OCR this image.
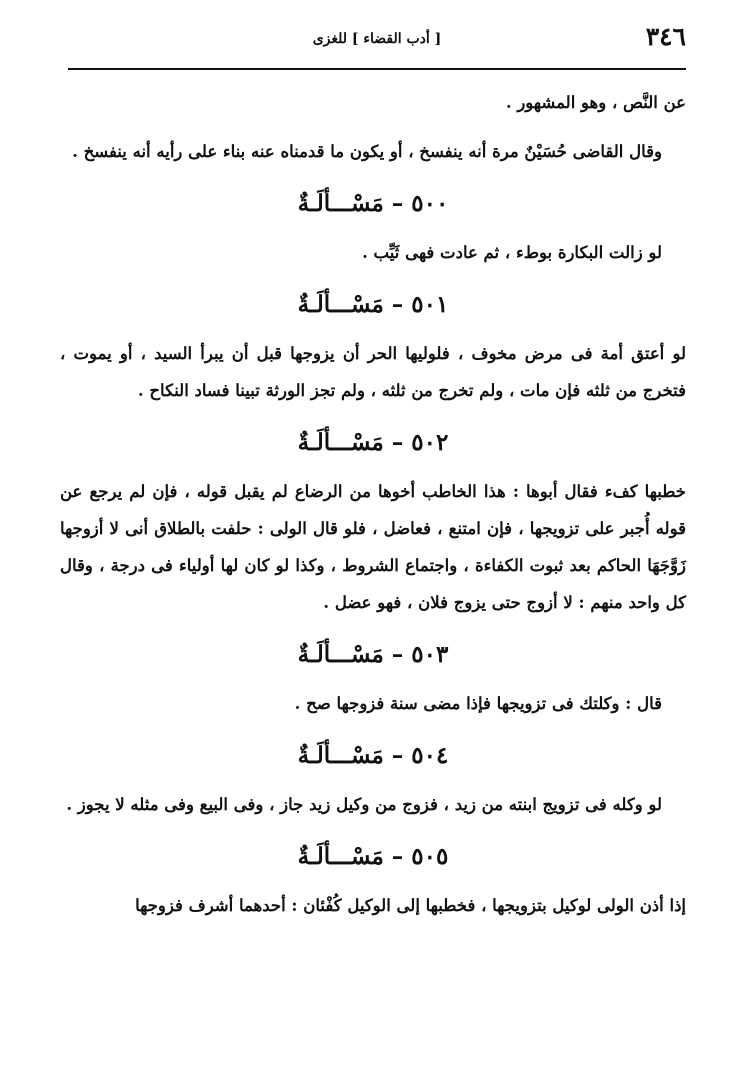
٣٤٦
[ أدب القضاء ] للغزى

عن النَّص ، وهو المشهور .

وقال القاضى حُسَيْنٌ مرة أنه ينفسخ ، أو يكون ما قدمناه عنه بناء على رأيه أنه ينفسخ .

٥٠٠ – مَسْـــألَـةٌ

لو زالت البكارة بوطء ، ثم عادت فهى ثَيِّب .

٥٠١ – مَسْـــألَـةٌ

لو أعتق أمة فى مرض مخوف ، فلوليها الحر أن يزوجها قبل أن يبرأ السيد ، أو يموت ، فتخرج من ثلثه فإن مات ، ولم تخرج من ثلثه ، ولم تجز الورثة تبينا فساد النكاح .

٥٠٢ – مَسْـــألَـةٌ

خطبها كفء فقال أبوها : هذا الخاطب أخوها من الرضاع لم يقبل قوله ، فإن لم يرجع عن قوله أُجبر على تزويجها ، فإن امتنع ، فعاضل ، فلو قال الولى : حلفت بالطلاق أنى لا أزوجها زَوَّجَهَا الحاكم بعد ثبوت الكفاءة ، واجتماع الشروط ، وكذا لو كان لها أولياء فى درجة ، وقال كل واحد منهم : لا أزوج حتى يزوج فلان ، فهو عضل .

٥٠٣ – مَسْـــألَـةٌ

قال : وكلتك فى تزويجها فإذا مضى سنة فزوجها صح .

٥٠٤ – مَسْـــألَـةٌ

لو وكله فى تزويج ابنته من زيد ، فزوج من وكيل زيد جاز ، وفى البيع وفى مثله لا يجوز .

٥٠٥ – مَسْـــألَـةٌ

إذا أذن الولى لوكيل بتزويجها ، فخطبها إلى الوكيل كُفْئان : أحدهما أشرف فزوجها
